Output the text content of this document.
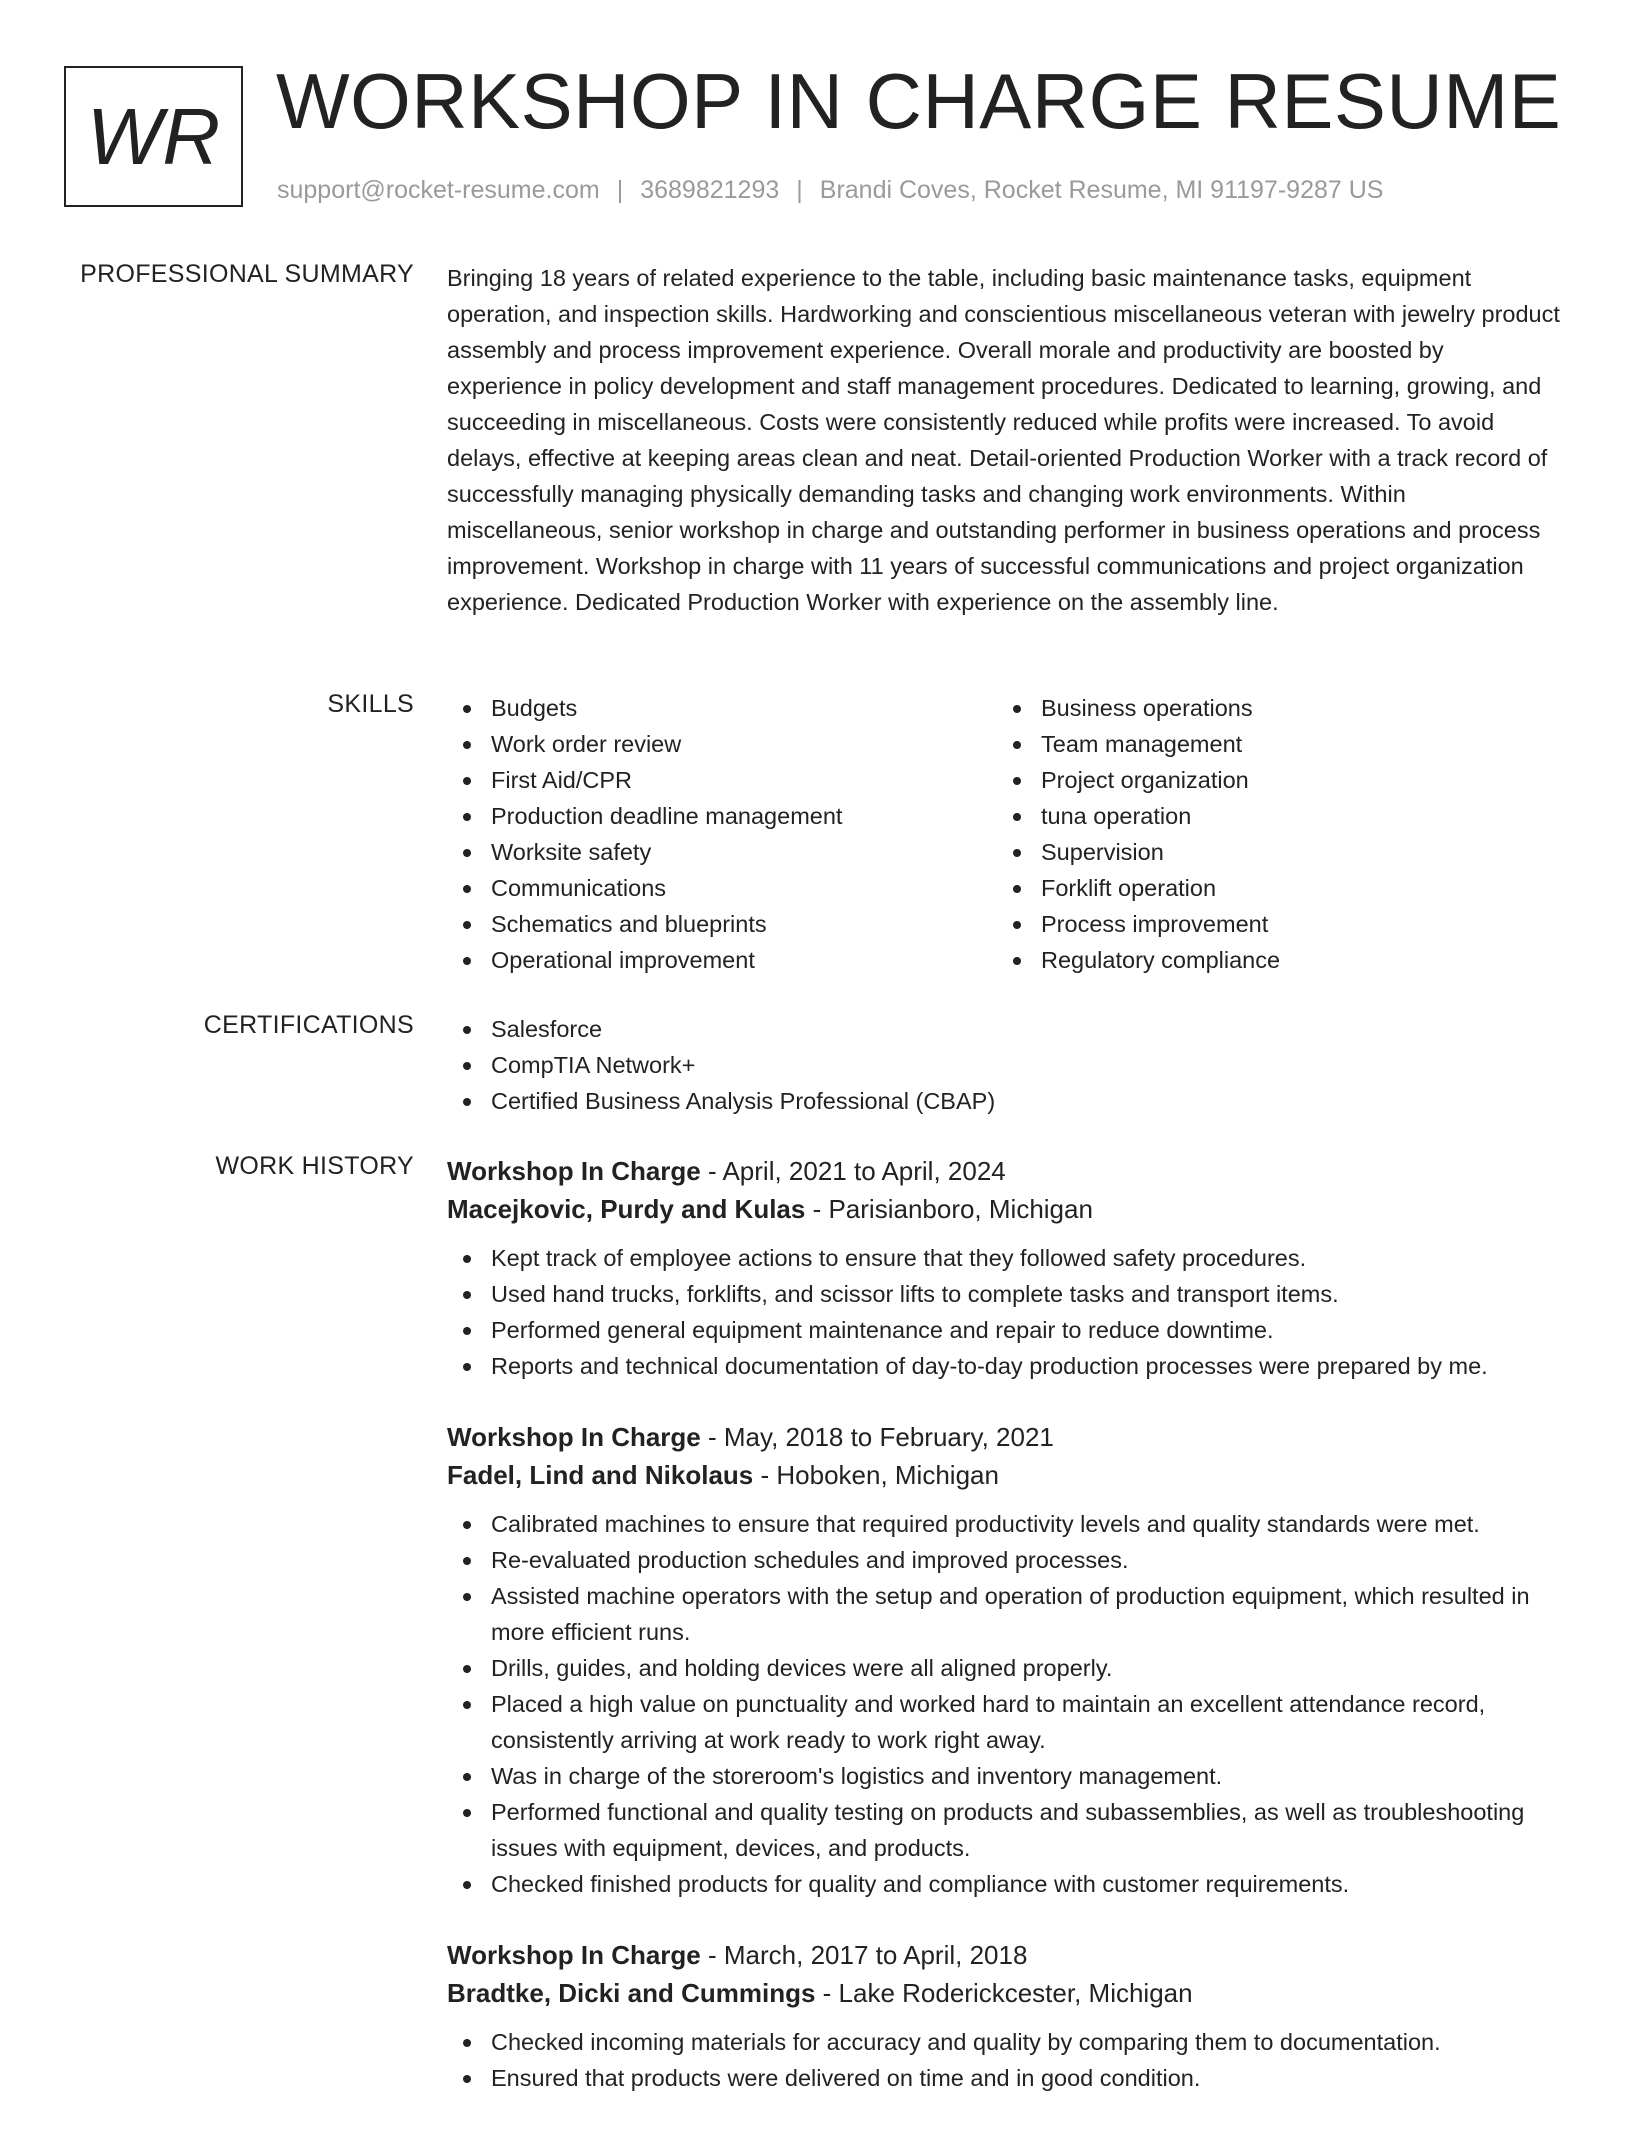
WR WORKSHOP IN CHARGE RESUME
support@rocket-resume.com | 3689821293 | Brandi Coves, Rocket Resume, MI 91197-9287 US
PROFESSIONAL SUMMARY Bringing 18 years of related experience to the table, including basic maintenance tasks, equipment operation, and inspection skills. Hardworking and conscientious miscellaneous veteran with jewelry product assembly and process improvement experience. Overall morale and productivity are boosted by experience in policy development and staff management procedures. Dedicated to learning, growing, and succeeding in miscellaneous. Costs were consistently reduced while profits were increased. To avoid delays, effective at keeping areas clean and neat. Detail-oriented Production Worker with a track record of successfully managing physically demanding tasks and changing work environments. Within miscellaneous, senior workshop in charge and outstanding performer in business operations and process improvement. Workshop in charge with 11 years of successful communications and project organization experience. Dedicated Production Worker with experience on the assembly line.

SKILLS	Budgets
Work order review
First Aid/CPR
Production deadline management
Worksite safety
Communications
Schematics and blueprints
Operational improvement
Business operations
Team management
Project organization
tuna operation
Supervision
Forklift operation
Process improvement
Regulatory compliance
CERTIFICATIONS	Salesforce
CompTIA Network+
Certified Business Analysis Professional (CBAP)
WORK HISTORY Workshop In Charge - April, 2021 to April, 2024
Macejkovic, Purdy and Kulas - Parisianboro, Michigan
Kept track of employee actions to ensure that they followed safety procedures.
Used hand trucks, forklifts, and scissor lifts to complete tasks and transport items.
Performed general equipment maintenance and repair to reduce downtime.
Reports and technical documentation of day-to-day production processes were prepared by me.
Workshop In Charge - May, 2018 to February, 2021
Fadel, Lind and Nikolaus - Hoboken, Michigan
Calibrated machines to ensure that required productivity levels and quality standards were met.
Re-evaluated production schedules and improved processes.
Assisted machine operators with the setup and operation of production equipment, which resulted in more efficient runs.
Drills, guides, and holding devices were all aligned properly.
Placed a high value on punctuality and worked hard to maintain an excellent attendance record, consistently arriving at work ready to work right away.
Was in charge of the storeroom's logistics and inventory management.
Performed functional and quality testing on products and subassemblies, as well as troubleshooting issues with equipment, devices, and products.
Checked finished products for quality and compliance with customer requirements.
Workshop In Charge - March, 2017 to April, 2018
Bradtke, Dicki and Cummings - Lake Roderickcester, Michigan
Checked incoming materials for accuracy and quality by comparing them to documentation.
Ensured that products were delivered on time and in good condition.
